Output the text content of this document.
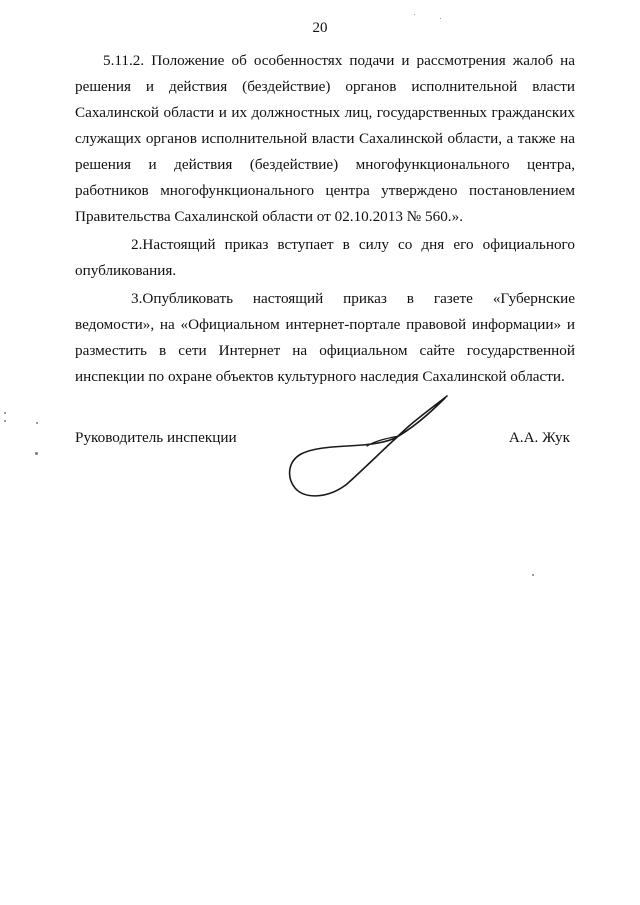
20

5.11.2. Положение об особенностях подачи и рассмотрения жалоб на решения и действия (бездействие) органов исполнительной власти Сахалинской области и их должностных лиц, государственных гражданских служащих органов исполнительной власти Сахалинской области, а также на решения и действия (бездействие) многофункционального центра, работников многофункционального центра утверждено постановлением Правительства Сахалинской области от 02.10.2013 № 560.».

2.Настоящий приказ вступает в силу со дня его официального опубликования.

3.Опубликовать настоящий приказ в газете «Губернские ведомости», на «Официальном интернет-портале правовой информации» и разместить в сети Интернет на официальном сайте государственной инспекции по охране объектов культурного наследия Сахалинской области.

Руководитель инспекции	А.А. Жук
